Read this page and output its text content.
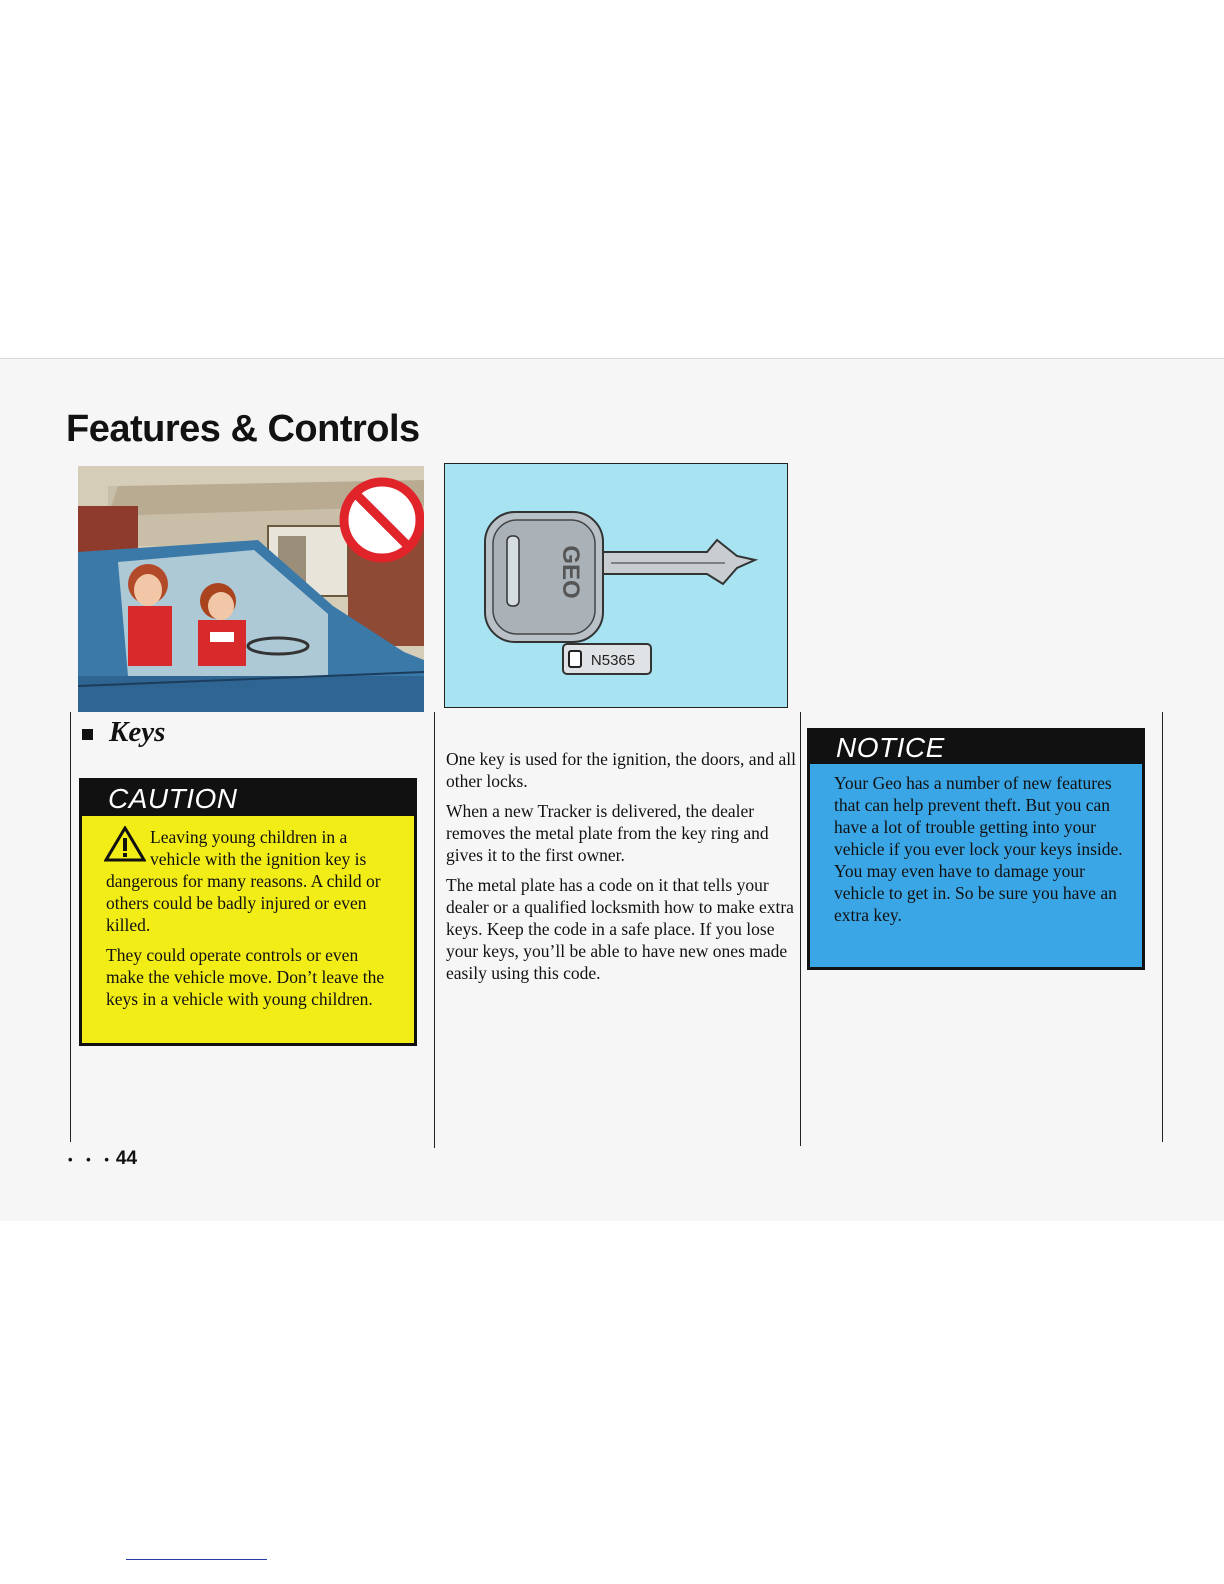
Features & Controls
GEO
N5365
Keys
CAUTION

Leaving young children in a vehicle with the ignition key is dangerous for many reasons. A child or others could be badly injured or even killed.

They could operate controls or even make the vehicle move. Don’t leave the keys in a vehicle with young children.

One key is used for the ignition, the doors, and all other locks.

When a new Tracker is delivered, the dealer removes the metal plate from the key ring and gives it to the first owner.

The metal plate has a code on it that tells your dealer or a qualified locksmith how to make extra keys. Keep the code in a safe place. If you lose your keys, you’ll be able to have new ones made easily using this code.

NOTICE
Your Geo has a number of new features that can help prevent theft. But you can have a lot of trouble getting into your vehicle if you ever lock your keys inside. You may even have to damage your vehicle to get in. So be sure you have an extra key.
• • • 44
